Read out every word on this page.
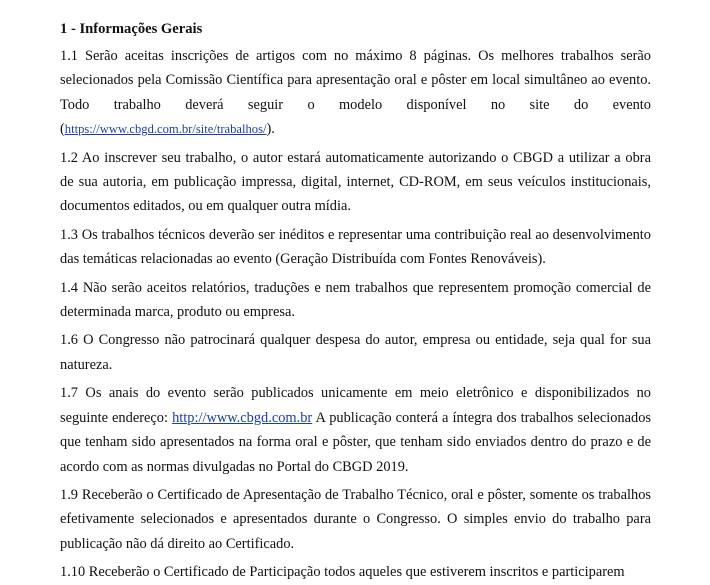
1 - Informações Gerais

1.1 Serão aceitas inscrições de artigos com no máximo 8 páginas. Os melhores trabalhos serão selecionados pela Comissão Científica para apresentação oral e pôster em local simultâneo ao evento. Todo trabalho deverá seguir o modelo disponível no site do evento (https://www.cbgd.com.br/site/trabalhos/).

1.2 Ao inscrever seu trabalho, o autor estará automaticamente autorizando o CBGD a utilizar a obra de sua autoria, em publicação impressa, digital, internet, CD-ROM, em seus veículos institucionais, documentos editados, ou em qualquer outra mídia.

1.3 Os trabalhos técnicos deverão ser inéditos e representar uma contribuição real ao desenvolvimento das temáticas relacionadas ao evento (Geração Distribuída com Fontes Renováveis).

1.4 Não serão aceitos relatórios, traduções e nem trabalhos que representem promoção comercial de determinada marca, produto ou empresa.

1.6 O Congresso não patrocinará qualquer despesa do autor, empresa ou entidade, seja qual for sua natureza.

1.7 Os anais do evento serão publicados unicamente em meio eletrônico e disponibilizados no seguinte endereço: http://www.cbgd.com.br A publicação conterá a íntegra dos trabalhos selecionados que tenham sido apresentados na forma oral e pôster, que tenham sido enviados dentro do prazo e de acordo com as normas divulgadas no Portal do CBGD 2019.

1.9 Receberão o Certificado de Apresentação de Trabalho Técnico, oral e pôster, somente os trabalhos efetivamente selecionados e apresentados durante o Congresso. O simples envio do trabalho para publicação não dá direito ao Certificado.

1.10 Receberão o Certificado de Participação todos aqueles que estiverem inscritos e participarem
